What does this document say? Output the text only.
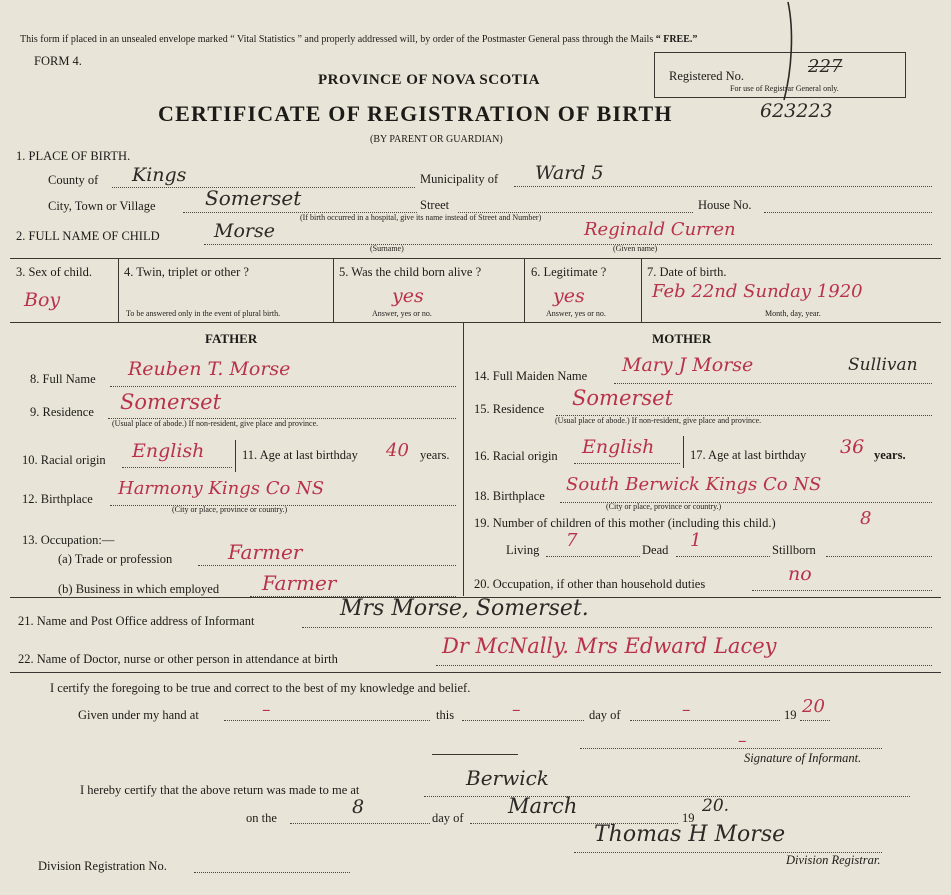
This form if placed in an unsealed envelope marked “ Vital Statistics ” and properly addressed will, by order of the Postmaster General pass through the Mails “ FREE.”
FORM 4.
Registered No.	227
For use of Registrar General only.
PROVINCE OF NOVA SCOTIA
CERTIFICATE OF REGISTRATION OF BIRTH	623223
(BY PARENT OR GUARDIAN)
1. PLACE OF BIRTH.
County of Kings	Municipality of Ward 5
City, Town or Village Somerset	Street	House No.
(If birth occurred in a hospital, give its name instead of Street and Number)
2. FULL NAME OF CHILD	Morse	Reginald Curren
(Surname)	(Given name)
3. Sex of child.
Boy
4. Twin, triplet or other ?
To be answered only in the event of plural birth.
5. Was the child born alive ?
yes
Answer, yes or no.
6. Legitimate ?
yes
Answer, yes or no.
7. Date of birth.
Feb 22nd Sunday 1920
Month, day, year.
FATHER	MOTHER
8. Full Name Reuben T. Morse
9. Residence Somerset
(Usual place of abode.) If non-resident, give place and province.
10. Racial origin English	11. Age at last birthday 40 years.
12. Birthplace Harmony Kings Co NS
(City or place, province or country.)
13. Occupation:—
(a) Trade or profession	Farmer
(b) Business in which employed Farmer
14. Full Maiden Name Mary J Morse	Sullivan
15. Residence Somerset
(Usual place of abode.) If non-resident, give place and province.
16. Racial origin English	17. Age at last birthday 36 years.
18. Birthplace
South Berwick Kings Co NS
(City or place, province or country.)
19. Number of children of this mother (including this child.)	8
Living 7	Dead 1	Stillborn
20. Occupation, if other than household duties	no
21. Name and Post Office address of Informant	Mrs Morse, Somerset.
22. Name of Doctor, nurse or other person in attendance at birth
Dr McNally. Mrs Edward Lacey
I certify the foregoing to be true and correct to the best of my knowledge and belief.
Given under my hand at	–	this	–	day of	–	19 20
–
Signature of Informant.
I hereby certify that the above return was made to me at	Berwick
on the	8	day of March	19
20.
Thomas H Morse
Division Registrar.
Division Registration No.
